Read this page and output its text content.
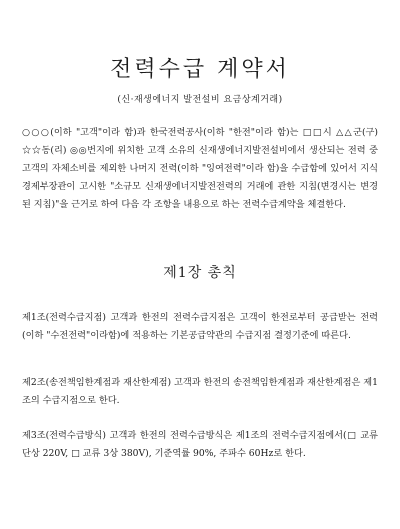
전력수급 계약서
(신·재생에너지 발전설비 요금상계거래)
○○○(이하 "고객"이라 함)과 한국전력공사(이하 "한전"이라 함)는 □□시 △△군(구) ☆☆동(리) ◎◎번지에 위치한 고객 소유의 신재생에너지발전설비에서 생산되는 전력 중 고객의 자체소비를 제외한 나머지 전력(이하 "잉여전력"이라 함)을 수급함에 있어서 지식경제부장관이 고시한 "소규모 신재생에너지발전전력의 거래에 관한 지침(변경시는 변경된 지침)"을 근거로 하여 다음 각 조항을 내용으로 하는 전력수급계약을 체결한다.
제1장 총칙
제1조(전력수급지점) 고객과 한전의 전력수급지점은 고객이 한전로부터 공급받는 전력(이하 "수전전력"이라함)에 적용하는 기본공급약관의 수급지점 결정기준에 따른다.
제2조(송전책임한계점과 재산한계점) 고객과 한전의 송전책임한계점과 재산한계점은 제1조의 수급지점으로 한다.
제3조(전력수급방식) 고객과 한전의 전력수급방식은 제1조의 전력수급지점에서(□ 교류 단상 220V, □ 교류 3상 380V), 기준역률 90%, 주파수 60Hz로 한다.
